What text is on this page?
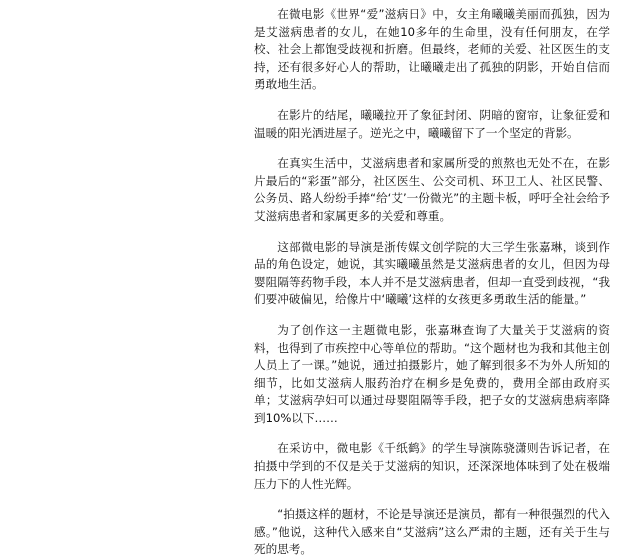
在微电影《世界“爱”滋病日》中，女主角曦曦美丽而孤独，因为是艾滋病患者的女儿，在她10多年的生命里，没有任何朋友，在学校、社会上都饱受歧视和折磨。但最终，老师的关爱、社区医生的支持，还有很多好心人的帮助，让曦曦走出了孤独的阴影，开始自信而勇敢地生活。

在影片的结尾，曦曦拉开了象征封闭、阴暗的窗帘，让象征爱和温暖的阳光洒进屋子。逆光之中，曦曦留下了一个坚定的背影。

在真实生活中，艾滋病患者和家属所受的煎熬也无处不在，在影片最后的“彩蛋”部分，社区医生、公交司机、环卫工人、社区民警、公务员、路人纷纷手捧“给‘艾’一份微光”的主题卡板，呼吁全社会给予艾滋病患者和家属更多的关爱和尊重。

这部微电影的导演是浙传媒文创学院的大三学生张嘉琳，谈到作品的角色设定，她说，其实曦曦虽然是艾滋病患者的女儿，但因为母婴阻隔等药物手段，本人并不是艾滋病患者，但却一直受到歧视，“我们要冲破偏见，给像片中‘曦曦’这样的女孩更多勇敢生活的能量。”

为了创作这一主题微电影，张嘉琳查询了大量关于艾滋病的资料，也得到了市疾控中心等单位的帮助。“这个题材也为我和其他主创人员上了一课。”她说，通过拍摄影片，她了解到很多不为外人所知的细节，比如艾滋病人服药治疗在桐乡是免费的，费用全部由政府买单；艾滋病孕妇可以通过母婴阻隔等手段，把子女的艾滋病患病率降到10%以下……

在采访中，微电影《千纸鹤》的学生导演陈骁潇则告诉记者，在拍摄中学到的不仅是关于艾滋病的知识，还深深地体味到了处在极端压力下的人性光辉。

“拍摄这样的题材，不论是导演还是演员，都有一种很强烈的代入感。”他说，这种代入感来自“艾滋病”这么严肃的主题，还有关于生与死的思考。
